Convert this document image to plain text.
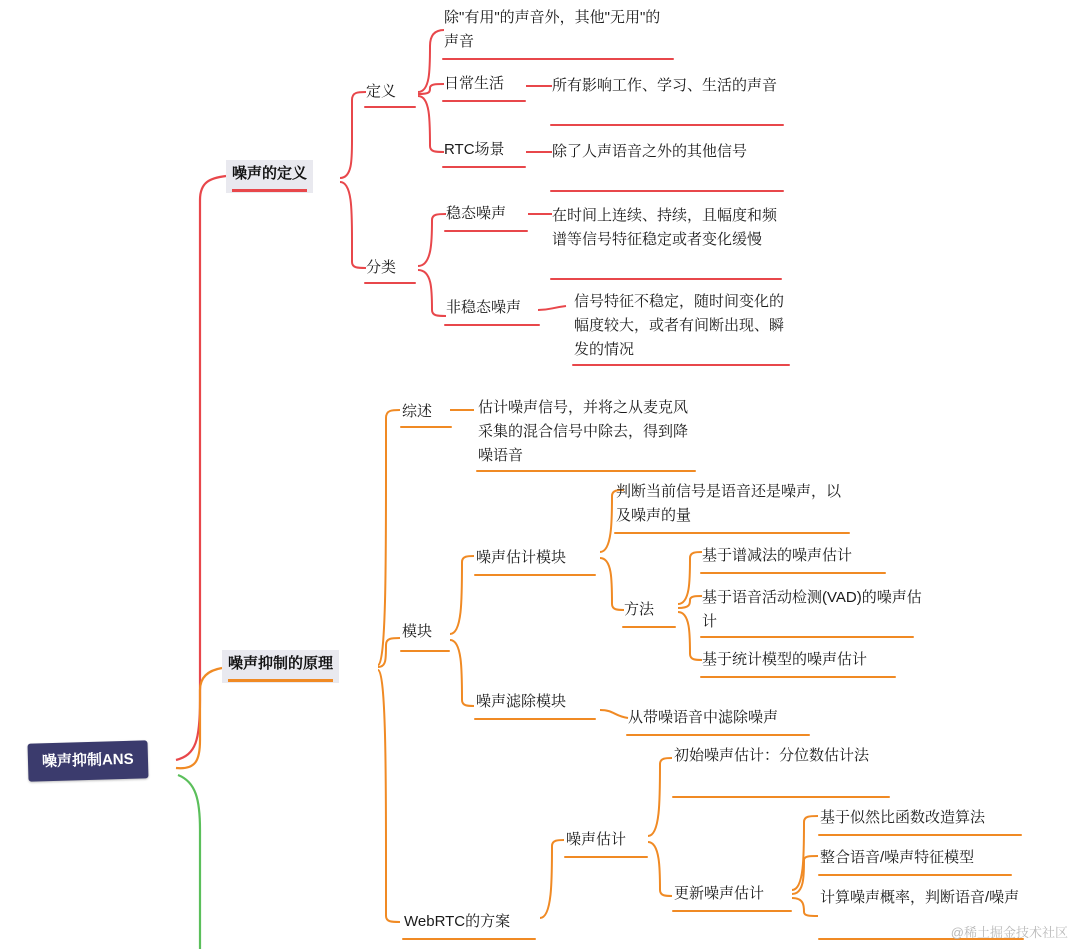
噪声抑制ANS
噪声的定义
定义
除"有用"的声音外，其他"无用"的声音
日常生活	所有影响工作、学习、生活的声音
RTC场景	除了人声语音之外的其他信号
分类
稳态噪声	在时间上连续、持续，且幅度和频谱等信号特征稳定或者变化缓慢
非稳态噪声	信号特征不稳定，随时间变化的幅度较大，或者有间断出现、瞬发的情况
噪声抑制的原理
综述	估计噪声信号，并将之从麦克风采集的混合信号中除去，得到降噪语音
模块
噪声估计模块
判断当前信号是语音还是噪声，以及噪声的量
方法
基于谱减法的噪声估计
基于语音活动检测(VAD)的噪声估计
基于统计模型的噪声估计
噪声滤除模块
从带噪语音中滤除噪声
WebRTC的方案
噪声估计
初始噪声估计：分位数估计法
更新噪声估计
基于似然比函数改造算法
整合语音/噪声特征模型
计算噪声概率，判断语音/噪声
@稀土掘金技术社区
